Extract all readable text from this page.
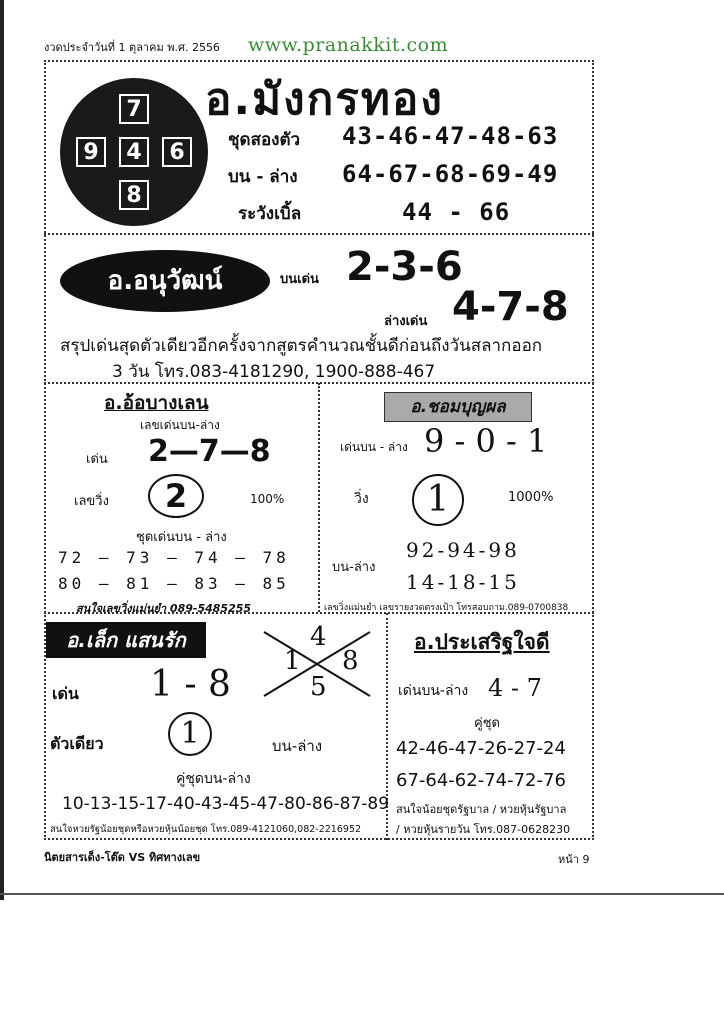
งวดประจำวันที่ 1 ตุลาคม พ.ศ. 2556 www.pranakkit.com
7
9	4	6
8
อ.มังกรทอง
ชุดสองตัว 43-46-47-48-63
บน - ล่าง 64-67-68-69-49
ระวังเบิ้ล	44 - 66
อ.อนุวัฒน์	บนเด่น 2-3-6
ล่างเด่น 4-7-8
สรุปเด่นสุดตัวเดียวอีกครั้งจากสูตรคำนวณชั้นดีก่อนถึงวันสลากออก
3 วัน โทร.083-4181290, 1900-888-467
อ.อ้อบางเลน
เลขเด่นบน-ล่าง
เด่น 2—7—8
เลขวิ่ง	2	100%
ชุดเด่นบน - ล่าง
72 — 73 — 74 — 78
80 — 81 — 83 — 85
สนใจเลขวิ่งแม่นยำ 089-5485255
อ.ชอมบุญผล
เด่นบน - ล่าง 9 - 0 - 1
วิ่ง	1	1000%
บน-ล่าง
92-94-98
14-18-15
เลขวิ่งแม่นยำ เลขรายงวดตรงเป้า โทรสอบถาม.089-0700838
อ.เล็ก แสนรัก	4
1 8
5
เด่น 1 - 8
ตัวเดียว	1	บน-ล่าง
คู่ชุดบน-ล่าง
10-13-15-17-40-43-45-47-80-86-87-89
สนใจหวยรัฐน้อยชุดหรือหวยหุ้นน้อยชุด โทร.089-4121060,082-2216952
อ.ประเสริฐใจดี
เด่นบน-ล่าง 4 - 7
คู่ชุด
42-46-47-26-27-24
67-64-62-74-72-76
สนใจน้อยชุดรัฐบาล / หวยหุ้นรัฐบาล
/ หวยหุ้นรายวัน โทร.087-0628230
นิตยสารเด็ง-โต๊ด VS ทิศทางเลข	หน้า 9
